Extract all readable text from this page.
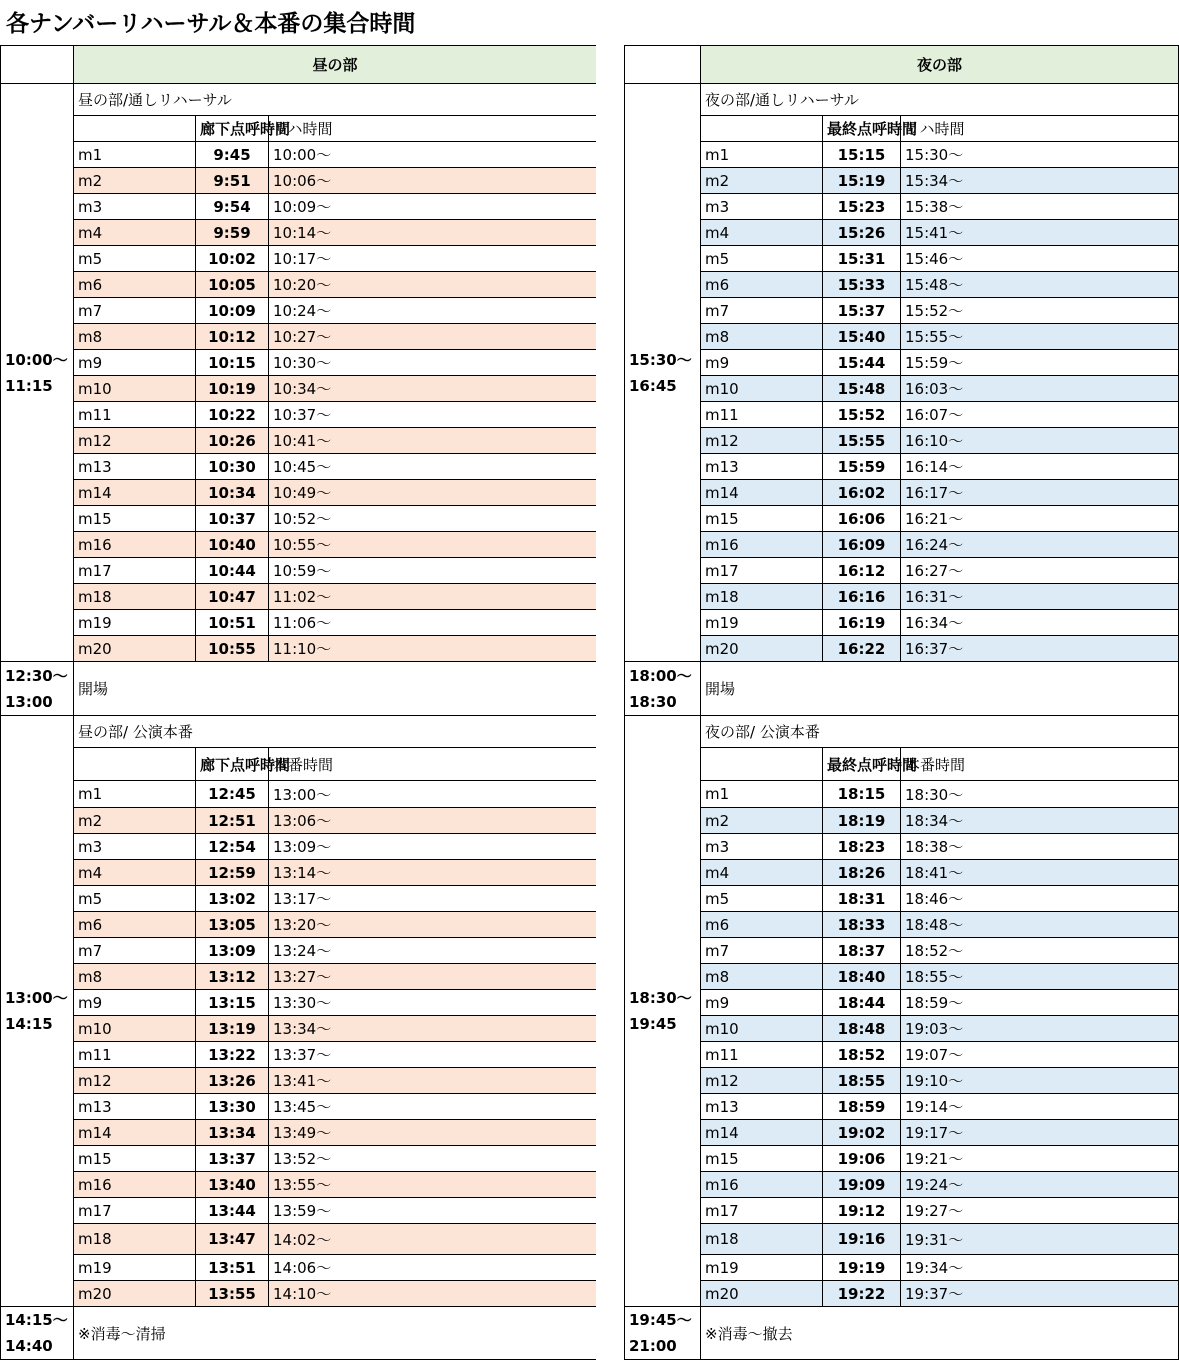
各ナンバーリハーサル＆本番の集合時間
	昼の部			

10:00～
11:15	昼の部/通しリハーサル			
		廊下点呼時間	リハ時間	
	m1	9:45	10:00～	
	m2	9:51	10:06～	
	m3	9:54	10:09～	
	m4	9:59	10:14～	
	m5	10:02	10:17～	
	m6	10:05	10:20～	
	m7	10:09	10:24～	
	m8	10:12	10:27～	
	m9	10:15	10:30～	
	m10	10:19	10:34～	
	m11	10:22	10:37～	
	m12	10:26	10:41～	
	m13	10:30	10:45～	
	m14	10:34	10:49～	
	m15	10:37	10:52～	
	m16	10:40	10:55～	
	m17	10:44	10:59～	
	m18	10:47	11:02～	
	m19	10:51	11:06～	
	m20	10:55	11:10～	

12:30～
13:00	開場			

13:00～
14:15	昼の部/ 公演本番			
		廊下点呼時間	本番時間	
	m1	12:45	13:00～	
	m2	12:51	13:06～	
	m3	12:54	13:09～	
	m4	12:59	13:14～	
	m5	13:02	13:17～	
	m6	13:05	13:20～	
	m7	13:09	13:24～	
	m8	13:12	13:27～	
	m9	13:15	13:30～	
	m10	13:19	13:34～	
	m11	13:22	13:37～	
	m12	13:26	13:41～	
	m13	13:30	13:45～	
	m14	13:34	13:49～	
	m15	13:37	13:52～	
	m16	13:40	13:55～	
	m17	13:44	13:59～	
	m18	13:47	14:02～	
	m19	13:51	14:06～	
	m20	13:55	14:10～	

14:15～
14:40	※消毒～清掃			
	夜の部			

15:30～
16:45	夜の部/通しリハーサル			
		最終点呼時間	リハ時間	
	m1	15:15	15:30～	
	m2	15:19	15:34～	
	m3	15:23	15:38～	
	m4	15:26	15:41～	
	m5	15:31	15:46～	
	m6	15:33	15:48～	
	m7	15:37	15:52～	
	m8	15:40	15:55～	
	m9	15:44	15:59～	
	m10	15:48	16:03～	
	m11	15:52	16:07～	
	m12	15:55	16:10～	
	m13	15:59	16:14～	
	m14	16:02	16:17～	
	m15	16:06	16:21～	
	m16	16:09	16:24～	
	m17	16:12	16:27～	
	m18	16:16	16:31～	
	m19	16:19	16:34～	
	m20	16:22	16:37～	

18:00～
18:30	開場			

18:30～
19:45	夜の部/ 公演本番			
		最終点呼時間	本番時間	
	m1	18:15	18:30～	
	m2	18:19	18:34～	
	m3	18:23	18:38～	
	m4	18:26	18:41～	
	m5	18:31	18:46～	
	m6	18:33	18:48～	
	m7	18:37	18:52～	
	m8	18:40	18:55～	
	m9	18:44	18:59～	
	m10	18:48	19:03～	
	m11	18:52	19:07～	
	m12	18:55	19:10～	
	m13	18:59	19:14～	
	m14	19:02	19:17～	
	m15	19:06	19:21～	
	m16	19:09	19:24～	
	m17	19:12	19:27～	
	m18	19:16	19:31～	
	m19	19:19	19:34～	
	m20	19:22	19:37～	

19:45～
21:00	※消毒～撤去			
